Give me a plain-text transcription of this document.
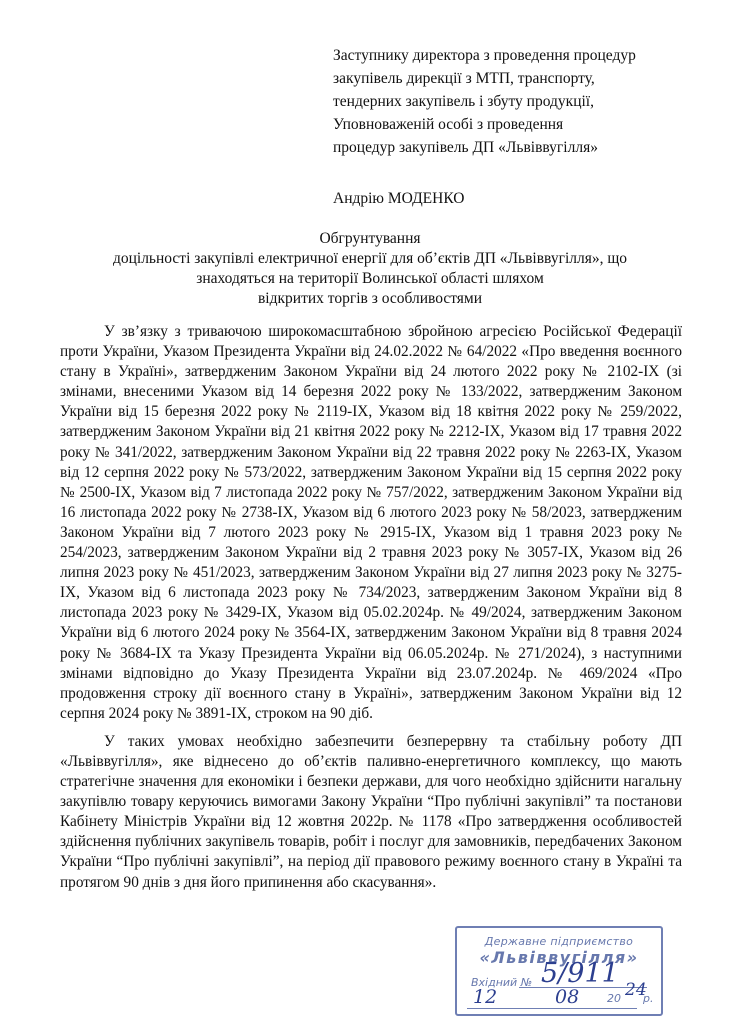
Заступнику директора з проведення процедур
закупівель дирекції з МТП, транспорту,
тендерних закупівель і збуту продукції,
Уповноваженій особі з проведення
процедур закупівель ДП «Львіввугілля»
Андрію МОДЕНКО
Обгрунтування
доцільності закупівлі електричної енергії для об’єктів ДП «Львіввугілля», що
знаходяться на території Волинської області шляхом
відкритих торгів з особливостями

У зв’язку з триваючою широкомасштабною збройною агресією Російської Федерації проти України, Указом Президента України від 24.02.2022 № 64/2022 «Про введення воєнного стану в Україні», затвердженим Законом України від 24 лютого 2022 року № 2102-IX (зі змінами, внесеними Указом від 14 березня 2022 року № 133/2022, затвердженим Законом України від 15 березня 2022 року № 2119-IX, Указом від 18 квітня 2022 року № 259/2022, затвердженим Законом України від 21 квітня 2022 року № 2212-IX, Указом від 17 травня 2022 року № 341/2022, затвердженим Законом України від 22 травня 2022 року № 2263-IX, Указом від 12 серпня 2022 року № 573/2022, затвердженим Законом України від 15 серпня 2022 року № 2500-IX, Указом від 7 листопада 2022 року № 757/2022, затвердженим Законом України від 16 листопада 2022 року № 2738-IX, Указом від 6 лютого 2023 року № 58/2023, затвердженим Законом України від 7 лютого 2023 року № 2915-IX, Указом від 1 травня 2023 року № 254/2023, затвердженим Законом України від 2 травня 2023 року № 3057-IX, Указом від 26 липня 2023 року № 451/2023, затвердженим Законом України від 27 липня 2023 року № 3275-IX, Указом від 6 листопада 2023 року № 734/2023, затвердженим Законом України від 8 листопада 2023 року № 3429-IX, Указом від 05.02.2024р. № 49/2024, затвердженим Законом України від 6 лютого 2024 року № 3564-IX, затвердженим Законом України від 8 травня 2024 року № 3684-IX та Указу Президента України від 06.05.2024р. № 271/2024), з наступними змінами відповідно до Указу Президента України від 23.07.2024р. № 469/2024 «Про продовження строку дії воєнного стану в Україні», затвердженим Законом України від 12 серпня 2024 року № 3891-IX, строком на 90 діб.

У таких умовах необхідно забезпечити безперервну та стабільну роботу ДП «Львіввугілля», яке віднесено до об’єктів паливно-енергетичного комплексу, що мають стратегічне значення для економіки і безпеки держави, для чого необхідно здійснити нагальну закупівлю товару керуючись вимогами Закону України “Про публічні закупівлі” та постанови Кабінету Міністрів України від 12 жовтня 2022р. № 1178 «Про затвердження особливостей здійснення публічних закупівель товарів, робіт і послуг для замовників, передбачених Законом України “Про публічні закупівлі”, на період дії правового режиму воєнного стану в Україні та протягом 90 днів з дня його припинення або скасування».

Державне підприємство
«Львіввугілля»
Вхідний № 5/911
12	08	20 24
р.
